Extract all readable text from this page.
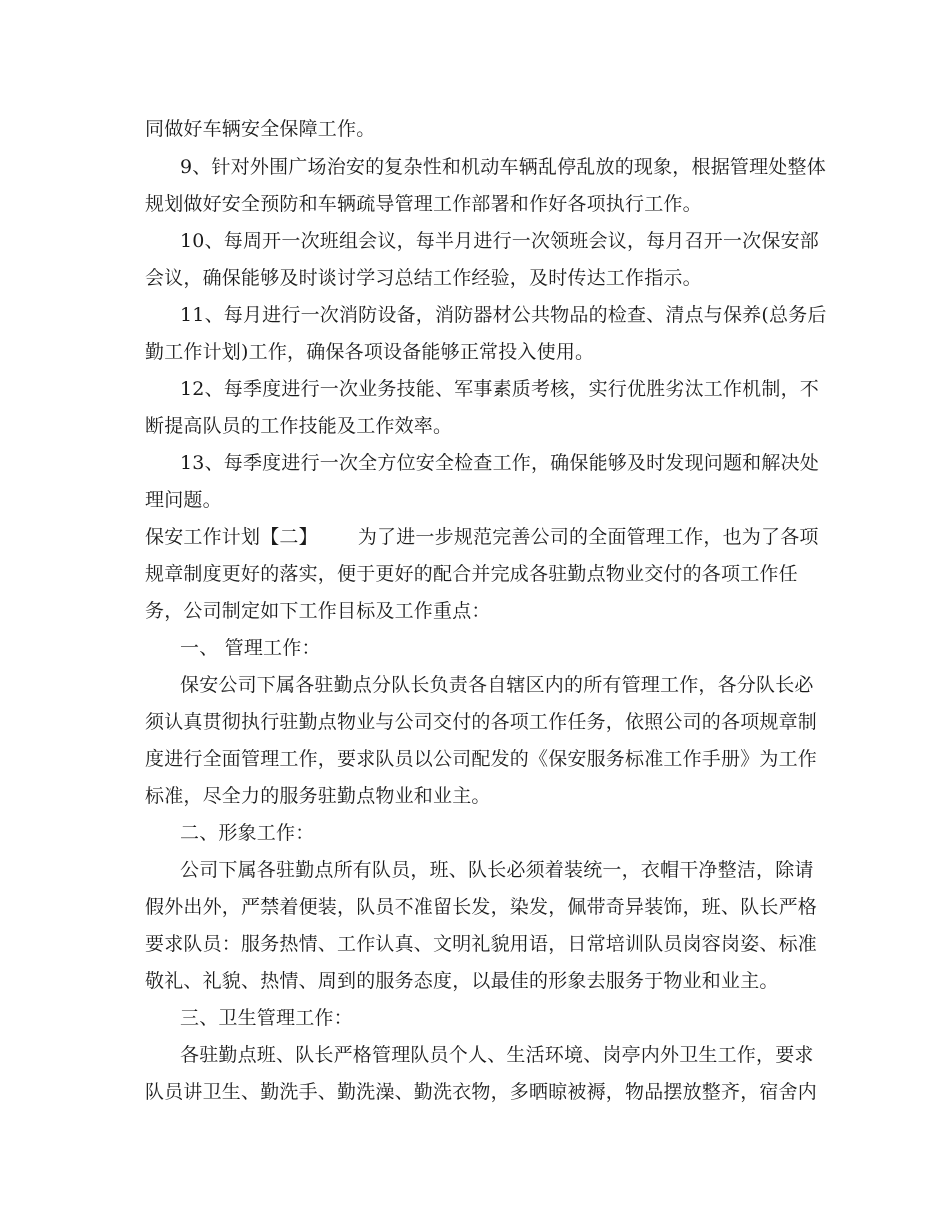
同做好车辆安全保障工作。
9、针对外围广场治安的复杂性和机动车辆乱停乱放的现象，根据管理处整体
规划做好安全预防和车辆疏导管理工作部署和作好各项执行工作。
10、每周开一次班组会议，每半月进行一次领班会议，每月召开一次保安部
会议，确保能够及时谈讨学习总结工作经验，及时传达工作指示。
11、每月进行一次消防设备，消防器材公共物品的检查、清点与保养(总务后
勤工作计划)工作，确保各项设备能够正常投入使用。
12、每季度进行一次业务技能、军事素质考核，实行优胜劣汰工作机制，不
断提高队员的工作技能及工作效率。
13、每季度进行一次全方位安全检查工作，确保能够及时发现问题和解决处
理问题。
保安工作计划【二】 为了进一步规范完善公司的全面管理工作，也为了各项
规章制度更好的落实，便于更好的配合并完成各驻勤点物业交付的各项工作任
务，公司制定如下工作目标及工作重点：
一、 管理工作：
保安公司下属各驻勤点分队长负责各自辖区内的所有管理工作，各分队长必
须认真贯彻执行驻勤点物业与公司交付的各项工作任务，依照公司的各项规章制
度进行全面管理工作，要求队员以公司配发的《保安服务标准工作手册》为工作
标准，尽全力的服务驻勤点物业和业主。
二、形象工作：
公司下属各驻勤点所有队员，班、队长必须着装统一，衣帽干净整洁，除请
假外出外，严禁着便装，队员不准留长发，染发，佩带奇异装饰，班、队长严格
要求队员：服务热情、工作认真、文明礼貌用语，日常培训队员岗容岗姿、标准
敬礼、礼貌、热情、周到的服务态度，以最佳的形象去服务于物业和业主。
三、卫生管理工作：
各驻勤点班、队长严格管理队员个人、生活环境、岗亭内外卫生工作，要求
队员讲卫生、勤洗手、勤洗澡、勤洗衣物，多晒晾被褥，物品摆放整齐，宿舍内
